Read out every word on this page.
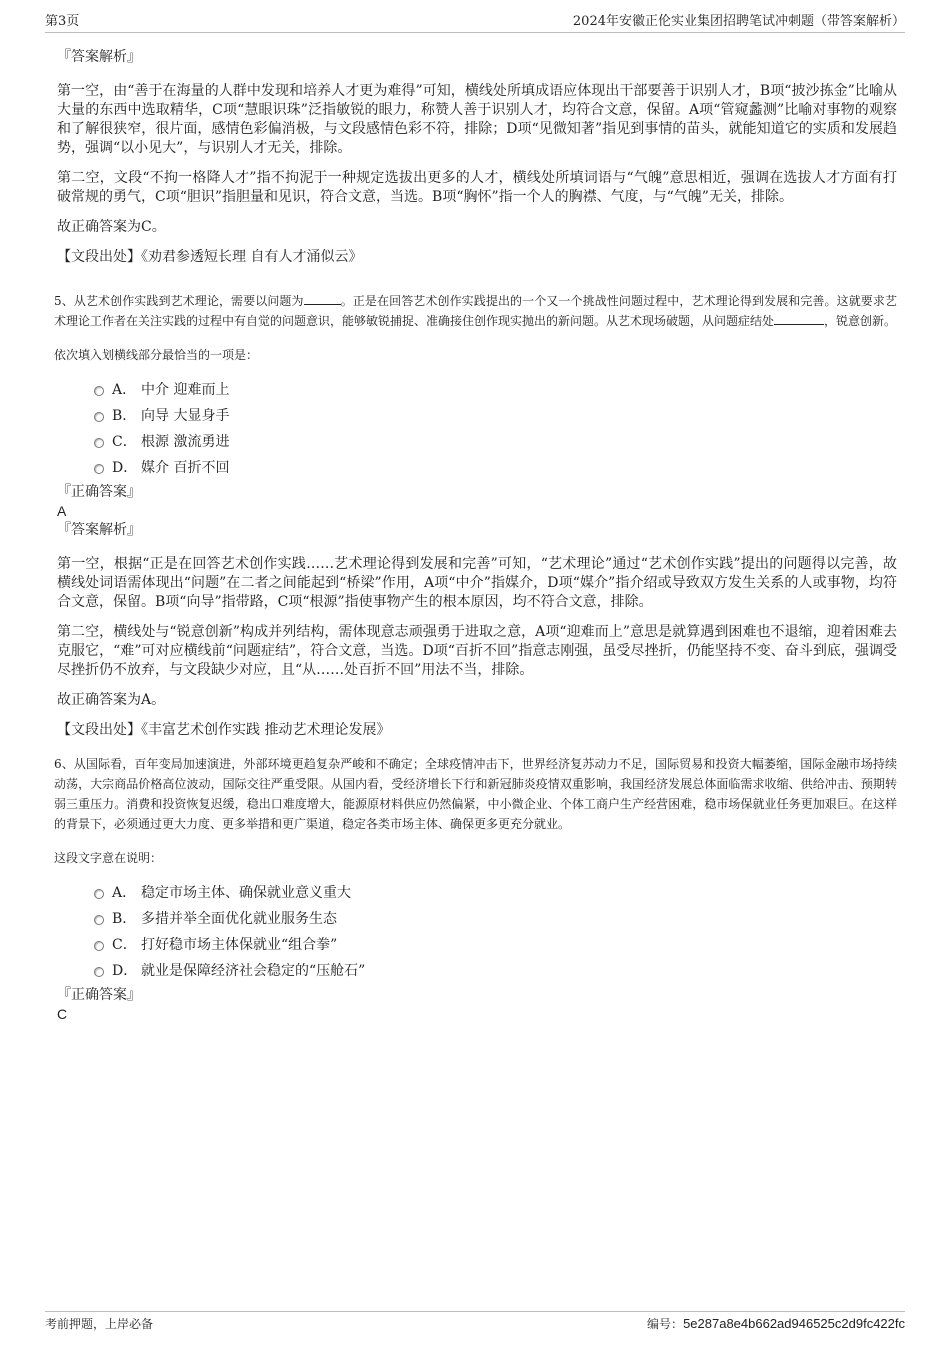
第3页	2024年安徽正伦实业集团招聘笔试冲刺题（带答案解析）
『答案解析』

第一空，由“善于在海量的人群中发现和培养人才更为难得”可知，横线处所填成语应体现出干部要善于识别人才，B项“披沙拣金”比喻从大量的东西中选取精华，C项“慧眼识珠”泛指敏锐的眼力，称赞人善于识别人才，均符合文意，保留。A项“管窥蠡测”比喻对事物的观察和了解很狭窄，很片面，感情色彩偏消极，与文段感情色彩不符，排除；D项“见微知著”指见到事情的苗头，就能知道它的实质和发展趋势，强调“以小见大”，与识别人才无关，排除。

第二空，文段“不拘一格降人才”指不拘泥于一种规定选拔出更多的人才，横线处所填词语与“气魄”意思相近，强调在选拔人才方面有打破常规的勇气，C项“胆识”指胆量和见识，符合文意，当选。B项“胸怀”指一个人的胸襟、气度，与“气魄”无关，排除。

故正确答案为C。

【文段出处】《劝君参透短长理 自有人才涌似云》

5、从艺术创作实践到艺术理论，需要以问题为	。正是在回答艺术创作实践提出的一个又一个挑战性问题过程中，艺术理论得到发展和完善。这就要求艺术理论工作者在关注实践的过程中有自觉的问题意识，能够敏锐捕捉、准确接住创作现实抛出的新问题。从艺术现场破题，从问题症结处	，锐意创新。

依次填入划横线部分最恰当的一项是：

A． 中介 迎难而上
B． 向导 大显身手
C． 根源 激流勇进
D． 媒介 百折不回
『正确答案』
A
『答案解析』

第一空，根据“正是在回答艺术创作实践……艺术理论得到发展和完善”可知，“艺术理论”通过“艺术创作实践”提出的问题得以完善，故横线处词语需体现出“问题”在二者之间能起到“桥梁”作用，A项“中介”指媒介，D项“媒介”指介绍或导致双方发生关系的人或事物，均符合文意，保留。B项“向导”指带路，C项“根源”指使事物产生的根本原因，均不符合文意，排除。

第二空，横线处与“锐意创新”构成并列结构，需体现意志顽强勇于进取之意，A项“迎难而上”意思是就算遇到困难也不退缩，迎着困难去克服它，“难”可对应横线前“问题症结”，符合文意，当选。D项“百折不回”指意志刚强，虽受尽挫折，仍能坚持不变、奋斗到底，强调受尽挫折仍不放弃，与文段缺少对应，且“从……处百折不回”用法不当，排除。

故正确答案为A。

【文段出处】《丰富艺术创作实践 推动艺术理论发展》

6、从国际看，百年变局加速演进，外部环境更趋复杂严峻和不确定；全球疫情冲击下，世界经济复苏动力不足，国际贸易和投资大幅萎缩，国际金融市场持续动荡，大宗商品价格高位波动，国际交往严重受限。从国内看，受经济增长下行和新冠肺炎疫情双重影响，我国经济发展总体面临需求收缩、供给冲击、预期转弱三重压力。消费和投资恢复迟缓，稳出口难度增大，能源原材料供应仍然偏紧，中小微企业、个体工商户生产经营困难，稳市场保就业任务更加艰巨。在这样的背景下，必须通过更大力度、更多举措和更广渠道，稳定各类市场主体、确保更多更充分就业。

这段文字意在说明：

A． 稳定市场主体、确保就业意义重大
B． 多措并举全面优化就业服务生态
C． 打好稳市场主体保就业“组合拳”
D． 就业是保障经济社会稳定的“压舱石”
『正确答案』
C
考前押题，上岸必备	编号：5e287a8e4b662ad946525c2d9fc422fc
